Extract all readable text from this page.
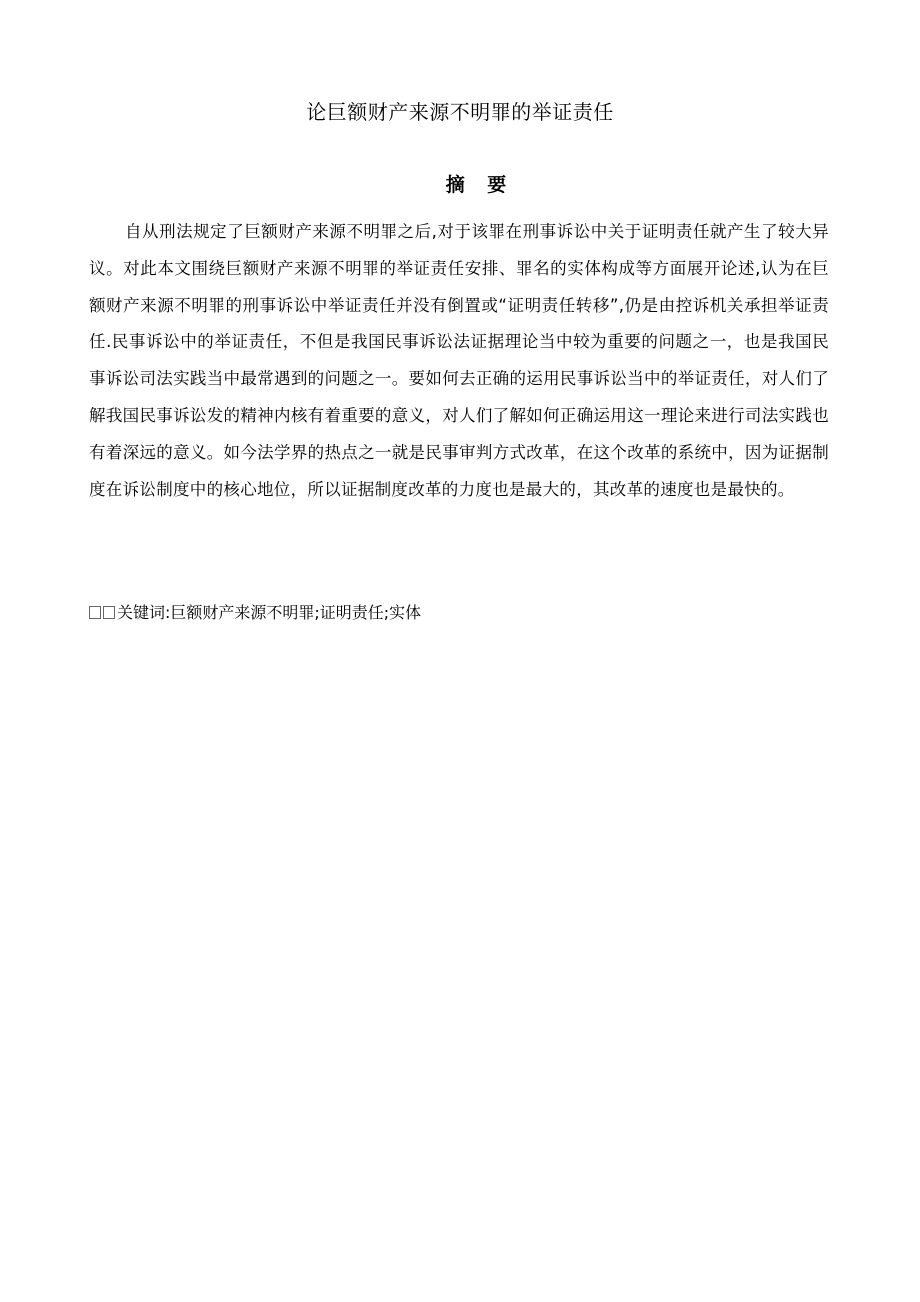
论巨额财产来源不明罪的举证责任
摘 要

自从刑法规定了巨额财产来源不明罪之后,对于该罪在刑事诉讼中关于证明责任就产生了较大异议。对此本文围绕巨额财产来源不明罪的举证责任安排、罪名的实体构成等方面展开论述,认为在巨额财产来源不明罪的刑事诉讼中举证责任并没有倒置或“证明责任转移”,仍是由控诉机关承担举证责任.民事诉讼中的举证责任，不但是我国民事诉讼法证据理论当中较为重要的问题之一，也是我国民事诉讼司法实践当中最常遇到的问题之一。要如何去正确的运用民事诉讼当中的举证责任，对人们了解我国民事诉讼发的精神内核有着重要的意义，对人们了解如何正确运用这一理论来进行司法实践也有着深远的意义。如今法学界的热点之一就是民事审判方式改革，在这个改革的系统中，因为证据制度在诉讼制度中的核心地位，所以证据制度改革的力度也是最大的，其改革的速度也是最快的。

关键词:巨额财产来源不明罪;证明责任;实体
